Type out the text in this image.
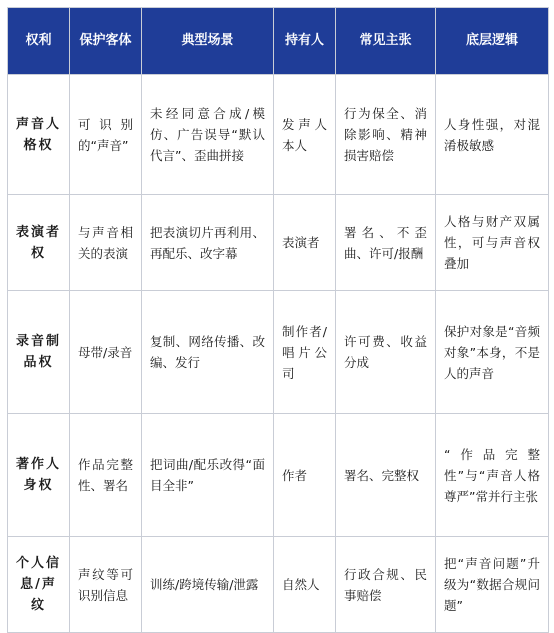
权利	保护客体	典型场景	持有人	常见主张	底层逻辑
声音人格权	可识别的“声音”	未经同意合成/模仿、广告误导“默认代言”、歪曲拼接	发声人本人	行为保全、消除影响、精神损害赔偿	人身性强，对混淆极敏感
表演者权	与声音相关的表演	把表演切片再利用、再配乐、改字幕	表演者	署名、不歪曲、许可/报酬	人格与财产双属性，可与声音权叠加
录音制品权	母带/录音	复制、网络传播、改编、发行	制作者/唱片公司	许可费、收益分成	保护对象是“音频对象”本身，不是人的声音
著作人身权	作品完整性、署名	把词曲/配乐改得“面目全非”	作者	署名、完整权	“作品完整性”与“声音人格尊严”常并行主张
个人信息/声纹	声纹等可识别信息	训练/跨境传输/泄露	自然人	行政合规、民事赔偿	把“声音问题”升级为“数据合规问题”
